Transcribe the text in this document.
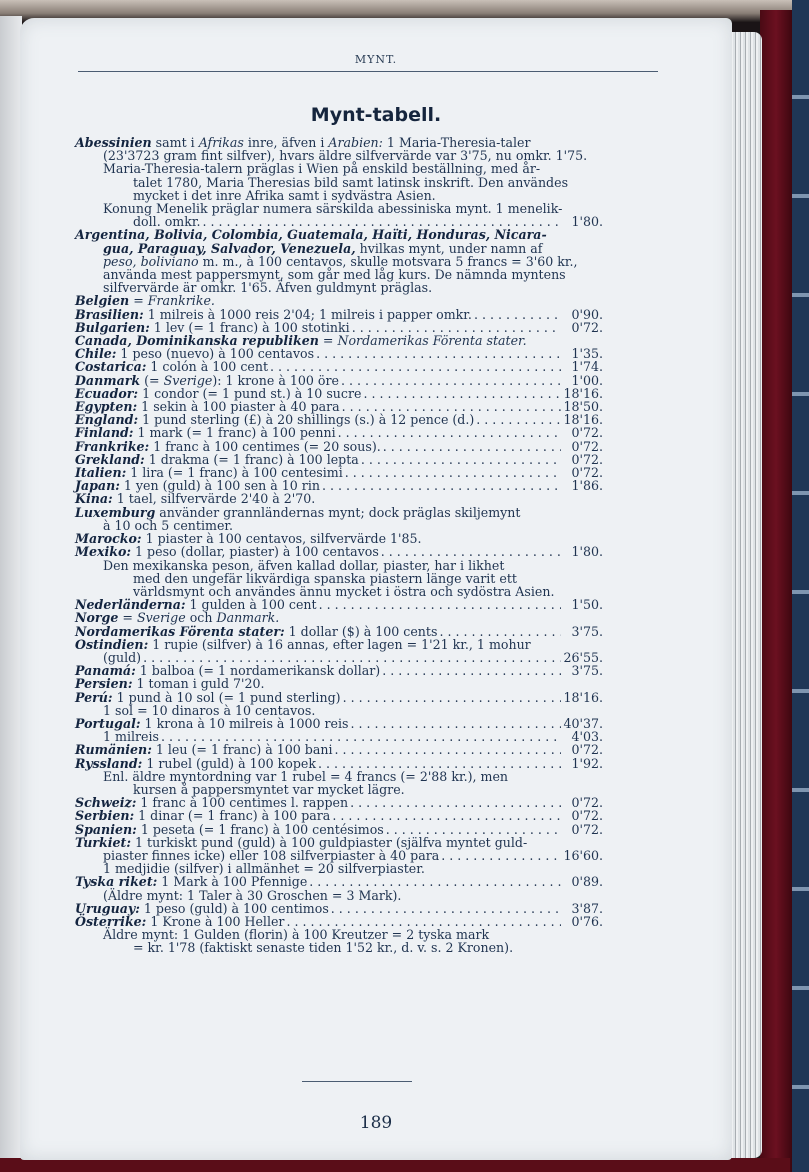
MYNT.
Mynt-tabell.
Abessinien samt i Afrikas inre, äfven i Arabien: 1 Maria-Theresia-taler
(23'3723 gram fint silfver), hvars äldre silfvervärde var 3'75, nu omkr. 1'75.
Maria-Theresia-talern präglas i Wien på enskild beställning, med år-
talet 1780, Maria Theresias bild samt latinsk inskrift. Den användes
mycket i det inre Afrika samt i sydvästra Asien.
Konung Menelik präglar numera särskilda abessiniska mynt. 1 menelik-
doll. omkr. . . .	1'80.
Argentina, Bolivia, Colombia, Guatemala, Haïti, Honduras, Nicara-
gua, Paraguay, Salvador, Venezuela, hvilkas mynt, under namn af
peso, boliviano m. m., à 100 centavos, skulle motsvara 5 francs = 3'60 kr.,
använda mest pappersmynt, som går med låg kurs. De nämnda myntens
silfvervärde är omkr. 1'65. Äfven guldmynt präglas.
Belgien = Frankrike.
Brasilien: 1 milreis à 1000 reis 2'04; 1 milreis i papper omkr. . . .	0'90.
Bulgarien: 1 lev (= 1 franc) à 100 stotinki . . .	0'72.
Canada, Dominikanska republiken = Nordamerikas Förenta stater.
Chile: 1 peso (nuevo) à 100 centavos . . .	1'35.
Costarica: 1 colón à 100 cent . . .	1'74.
Danmark (= Sverige ): 1 krone à 100 öre . . .	1'00.
Ecuador: 1 condor (= 1 pund st.) à 10 sucre . . .	18'16.
Egypten: 1 sekin à 100 piaster à 40 para . . .	18'50.
England: 1 pund sterling (£) à 20 shillings (s.) à 12 pence (d.) . . .	18'16.
Finland: 1 mark (= 1 franc) à 100 penni . . .	0'72.
Frankrike: 1 franc à 100 centimes (= 20 sous). . . .	0'72.
Grekland: 1 drakma (= 1 franc) à 100 lepta . . .	0'72.
Italien: 1 lira (= 1 franc) à 100 centesimi . . .	0'72.
Japan: 1 yen (guld) à 100 sen à 10 rin . . .	1'86.
Kina: 1 tael, silfvervärde 2'40 à 2'70.
Luxemburg använder grannländernas mynt; dock präglas skiljemynt
à 10 och 5 centimer.
Marocko: 1 piaster à 100 centavos, silfvervärde 1'85.
Mexiko: 1 peso (dollar, piaster) à 100 centavos . . .	1'80.
Den mexikanska peson, äfven kallad dollar, piaster, har i likhet
med den ungefär likvärdiga spanska piastern länge varit ett
världsmynt och användes ännu mycket i östra och sydöstra Asien.
Nederländerna: 1 gulden à 100 cent . . .	1'50.
Norge = Sverige och Danmark.
Nordamerikas Förenta stater: 1 dollar ($) à 100 cents . . .	3'75.
Ostindien: 1 rupie (silfver) à 16 annas, efter lagen = 1'21 kr., 1 mohur
(guld) . . .	26'55.
Panamá: 1 balboa (= 1 nordamerikansk dollar) . . .	3'75.
Persien: 1 toman i guld 7'20.
Perú: 1 pund à 10 sol (= 1 pund sterling) . . .	18'16.
1 sol = 10 dinaros à 10 centavos.
Portugal: 1 krona à 10 milreis à 1000 reis . . .	40'37.
1 milreis . . .	4'03.
Rumänien: 1 leu (= 1 franc) à 100 bani . . .	0'72.
Ryssland: 1 rubel (guld) à 100 kopek . . .	1'92.
Enl. äldre myntordning var 1 rubel = 4 francs (= 2'88 kr.), men
kursen å pappersmyntet var mycket lägre.
Schweiz: 1 franc à 100 centimes l. rappen . . .	0'72.
Serbien: 1 dinar (= 1 franc) à 100 para . . .	0'72.
Spanien: 1 peseta (= 1 franc) à 100 centésimos . . .	0'72.
Turkiet: 1 turkiskt pund (guld) à 100 guldpiaster (själfva myntet guld-
piaster finnes icke) eller 108 silfverpiaster à 40 para . . .	16'60.
1 medjidie (silfver) i allmänhet = 20 silfverpiaster.
Tyska riket: 1 Mark à 100 Pfennige . . .	0'89.
(Äldre mynt: 1 Taler à 30 Groschen = 3 Mark).
Uruguay: 1 peso (guld) à 100 centimos . . .	3'87.
Österrike: 1 Krone à 100 Heller . . .	0'76.
Äldre mynt: 1 Gulden (florin) à 100 Kreutzer = 2 tyska mark
= kr. 1'78 (faktiskt senaste tiden 1'52 kr., d. v. s. 2 Kronen).
189
